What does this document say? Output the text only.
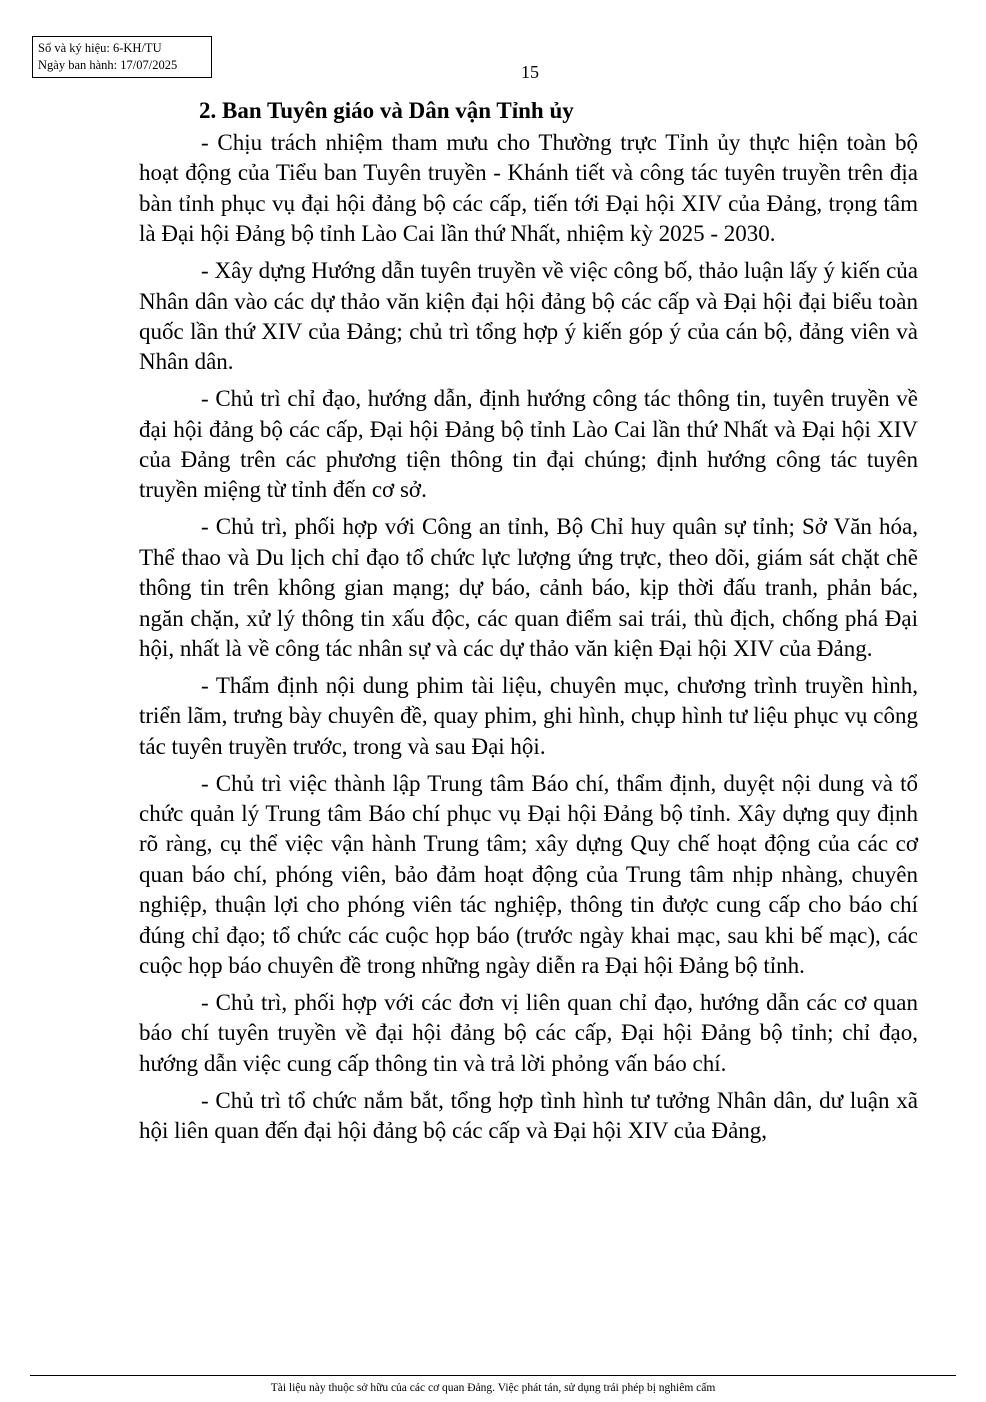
Số và ký hiệu: 6-KH/TU
Ngày ban hành: 17/07/2025	15
2. Ban Tuyên giáo và Dân vận Tỉnh ủy

- Chịu trách nhiệm tham mưu cho Thường trực Tỉnh ủy thực hiện toàn bộ hoạt động của Tiểu ban Tuyên truyền - Khánh tiết và công tác tuyên truyền trên địa bàn tỉnh phục vụ đại hội đảng bộ các cấp, tiến tới Đại hội XIV của Đảng, trọng tâm là Đại hội Đảng bộ tỉnh Lào Cai lần thứ Nhất, nhiệm kỳ 2025 - 2030.

- Xây dựng Hướng dẫn tuyên truyền về việc công bố, thảo luận lấy ý kiến của Nhân dân vào các dự thảo văn kiện đại hội đảng bộ các cấp và Đại hội đại biểu toàn quốc lần thứ XIV của Đảng; chủ trì tổng hợp ý kiến góp ý của cán bộ, đảng viên và Nhân dân.

- Chủ trì chỉ đạo, hướng dẫn, định hướng công tác thông tin, tuyên truyền về đại hội đảng bộ các cấp, Đại hội Đảng bộ tỉnh Lào Cai lần thứ Nhất và Đại hội XIV của Đảng trên các phương tiện thông tin đại chúng; định hướng công tác tuyên truyền miệng từ tỉnh đến cơ sở.

- Chủ trì, phối hợp với Công an tỉnh, Bộ Chỉ huy quân sự tỉnh; Sở Văn hóa, Thể thao và Du lịch chỉ đạo tổ chức lực lượng ứng trực, theo dõi, giám sát chặt chẽ thông tin trên không gian mạng; dự báo, cảnh báo, kịp thời đấu tranh, phản bác, ngăn chặn, xử lý thông tin xấu độc, các quan điểm sai trái, thù địch, chống phá Đại hội, nhất là về công tác nhân sự và các dự thảo văn kiện Đại hội XIV của Đảng.

- Thẩm định nội dung phim tài liệu, chuyên mục, chương trình truyền hình, triển lãm, trưng bày chuyên đề, quay phim, ghi hình, chụp hình tư liệu phục vụ công tác tuyên truyền trước, trong và sau Đại hội.

- Chủ trì việc thành lập Trung tâm Báo chí, thẩm định, duyệt nội dung và tổ chức quản lý Trung tâm Báo chí phục vụ Đại hội Đảng bộ tỉnh. Xây dựng quy định rõ ràng, cụ thể việc vận hành Trung tâm; xây dựng Quy chế hoạt động của các cơ quan báo chí, phóng viên, bảo đảm hoạt động của Trung tâm nhịp nhàng, chuyên nghiệp, thuận lợi cho phóng viên tác nghiệp, thông tin được cung cấp cho báo chí đúng chỉ đạo; tổ chức các cuộc họp báo (trước ngày khai mạc, sau khi bế mạc), các cuộc họp báo chuyên đề trong những ngày diễn ra Đại hội Đảng bộ tỉnh.

- Chủ trì, phối hợp với các đơn vị liên quan chỉ đạo, hướng dẫn các cơ quan báo chí tuyên truyền về đại hội đảng bộ các cấp, Đại hội Đảng bộ tỉnh; chỉ đạo, hướng dẫn việc cung cấp thông tin và trả lời phỏng vấn báo chí.

- Chủ trì tổ chức nắm bắt, tổng hợp tình hình tư tưởng Nhân dân, dư luận xã hội liên quan đến đại hội đảng bộ các cấp và Đại hội XIV của Đảng,

Tài liệu này thuộc sở hữu của các cơ quan Đảng. Việc phát tán, sử dụng trái phép bị nghiêm cấm
